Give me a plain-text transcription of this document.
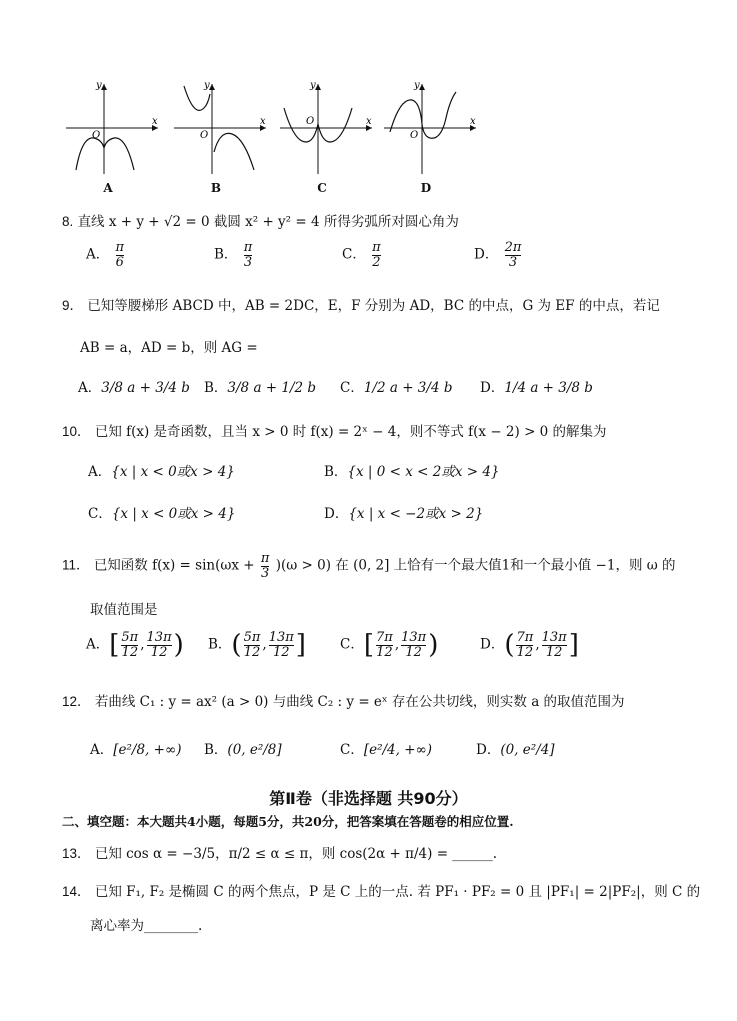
y
x
O
A
y
x
O
B
y
x
O
C
y
x
O
D
8. 直线 x + y + √2 = 0 截圆 x² + y² = 4 所得劣弧所对圆心角为
A． $\frac{\pi}{6}$	B． $\frac{\pi}{3}$	C． $\frac{\pi}{2}$	D． $\frac{2\pi}{3}$
9． 已知等腰梯形 ABCD 中，AB = 2DC，E，F 分别为 AD，BC 的中点，G 为 EF 的中点，若记
AB = a，AD = b，则 AG =
A．3/8 a + 3/4 b B．3/8 a + 1/2 b C．1/2 a + 3/4 b D．1/4 a + 3/8 b
10． 已知 f(x) 是奇函数，且当 x > 0 时 f(x) = 2ˣ − 4，则不等式 f(x − 2) > 0 的解集为
A．{x | x < 0或x > 4}	B．{x | 0 < x < 2或x > 4}
C．{x | x < 0或x > 4}	D．{x | x < −2或x > 2}
11． 已知函数 $f(x) = \sin(\omega x + \frac{\pi}{3} )(\omega > 0)$ 在 (0, 2] 上恰有一个最大值1和一个最小值 −1，则 ω 的
取值范围是
A．[ $\frac{5\pi}{12}$ , $\frac{13\pi}{12}$ ) B．( $\frac{5\pi}{12}$ , $\frac{13\pi}{12}$ ]	C．[ $\frac{7\pi}{12}$ , $\frac{13\pi}{12}$ )	D．( $\frac{7\pi}{12}$ , $\frac{13\pi}{12}$ ]
12． 若曲线 C₁ : y = ax² (a > 0) 与曲线 C₂ : y = eˣ 存在公共切线，则实数 a 的取值范围为
A．[e²/8, +∞) B．(0, e²/8]	C．[e²/4, +∞)	D．(0, e²/4]
第Ⅱ卷（非选择题 共90分）
二、填空题：本大题共4小题，每题5分，共20分，把答案填在答题卷的相应位置.
13． 已知 cos α = −3/5，π/2 ≤ α ≤ π，则 cos(2α + π/4) = ______.
14． 已知 F₁, F₂ 是椭圆 C 的两个焦点，P 是 C 上的一点. 若 PF₁ · PF₂ = 0 且 |PF₁| = 2|PF₂|，则 C 的
离心率为________.
